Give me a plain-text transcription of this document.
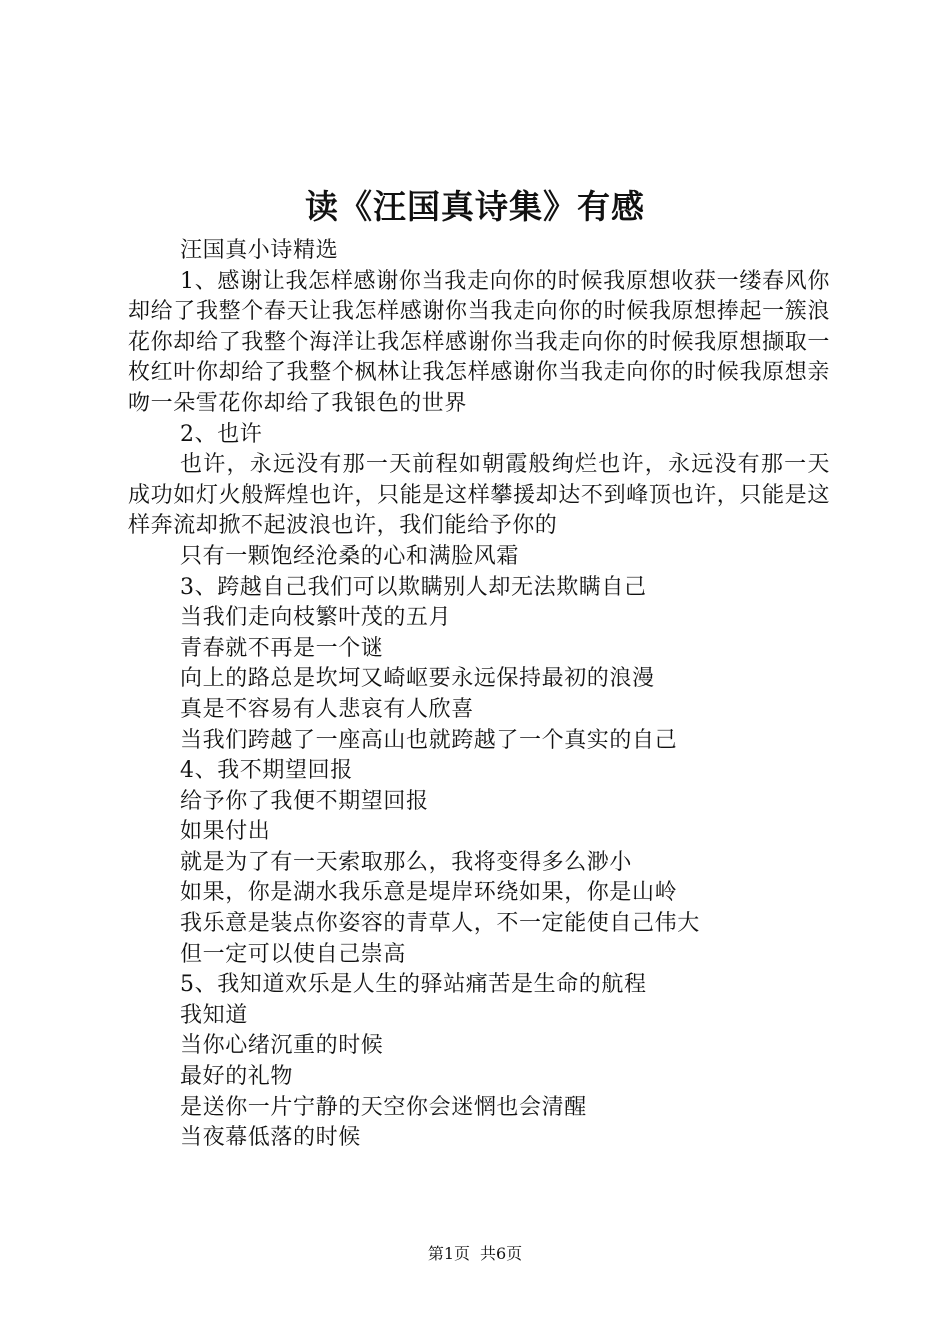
读《汪国真诗集》有感

汪国真小诗精选

1、感谢让我怎样感谢你当我走向你的时候我原想收获一缕春风你却给了我整个春天让我怎样感谢你当我走向你的时候我原想捧起一簇浪花你却给了我整个海洋让我怎样感谢你当我走向你的时候我原想撷取一枚红叶你却给了我整个枫林让我怎样感谢你当我走向你的时候我原想亲吻一朵雪花你却给了我银色的世界

2、也许

也许，永远没有那一天前程如朝霞般绚烂也许，永远没有那一天成功如灯火般辉煌也许，只能是这样攀援却达不到峰顶也许，只能是这样奔流却掀不起波浪也许，我们能给予你的

只有一颗饱经沧桑的心和满脸风霜

3、跨越自己我们可以欺瞒别人却无法欺瞒自己

当我们走向枝繁叶茂的五月

青春就不再是一个谜

向上的路总是坎坷又崎岖要永远保持最初的浪漫

真是不容易有人悲哀有人欣喜

当我们跨越了一座高山也就跨越了一个真实的自己

4、我不期望回报

给予你了我便不期望回报

如果付出

就是为了有一天索取那么，我将变得多么渺小

如果，你是湖水我乐意是堤岸环绕如果，你是山岭

我乐意是装点你姿容的青草人，不一定能使自己伟大

但一定可以使自己崇高

5、我知道欢乐是人生的驿站痛苦是生命的航程

我知道

当你心绪沉重的时候

最好的礼物

是送你一片宁静的天空你会迷惘也会清醒

当夜幕低落的时候

第1页 共6页
